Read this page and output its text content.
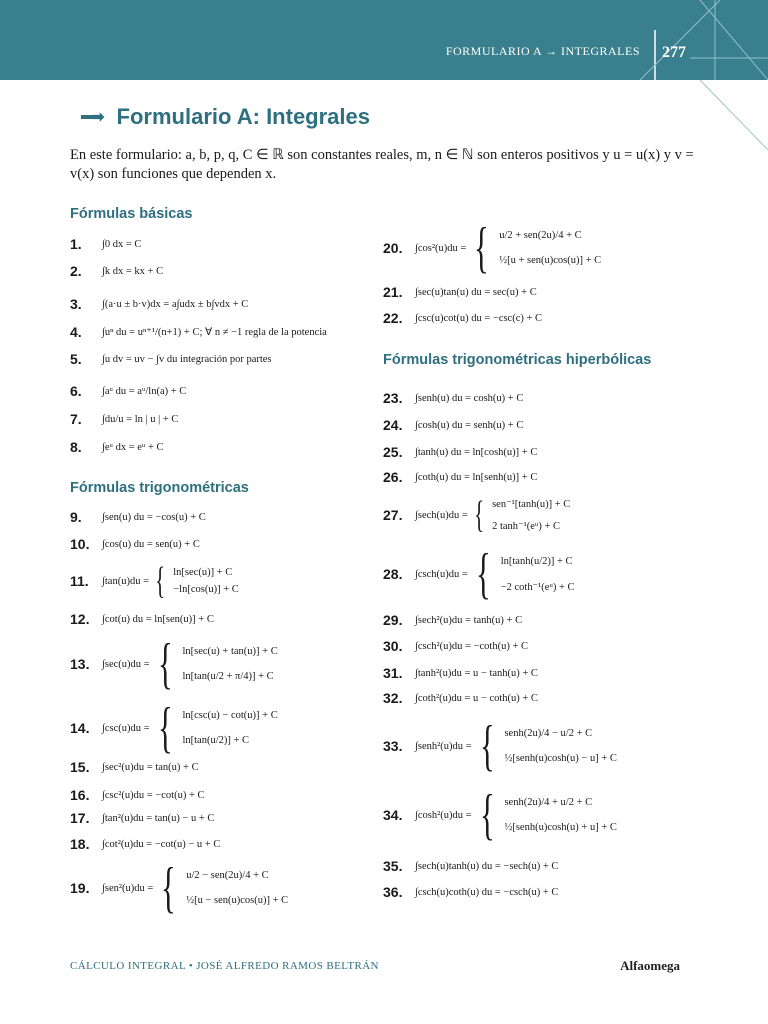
FORMULARIO A → INTEGRALES 277
▪▪▪➡ Formulario A: Integrales
En este formulario: a, b, p, q, C ∈ ℝ son constantes reales, m, n ∈ ℕ son enteros positivos y u = u(x) y v = v(x) son funciones que dependen x.
Fórmulas básicas
Fórmulas trigonométricas
Fórmulas trigonométricas hiperbólicas
1.	∫0 dx = C
2.	∫k dx = kx + C
3.	∫(a·u ± b·v)dx = a∫udx ± b∫vdx + C
4.	∫uⁿ du = uⁿ⁺¹/(n+1) + C; ∀ n ≠ −1 regla de la potencia
5.	∫u dv = uv − ∫v du integración por partes
6.	∫aᵘ du = aᵘ/ln(a) + C
7.	∫du/u = ln | u | + C
8.	∫eᵘ dx = eᵘ + C
9.	∫sen(u) du = −cos(u) + C
10.	∫cos(u) du = sen(u) + C
11.	∫tan(u)du = { ln[sec(u)] + C
−ln[cos(u)] + C
12.	∫cot(u) du = ln[sen(u)] + C
13.	∫sec(u)du = { ln[sec(u) + tan(u)] + C
ln[tan(u/2 + π/4)] + C
14.	∫csc(u)du = { ln[csc(u) − cot(u)] + C
ln[tan(u/2)] + C
15.	∫sec²(u)du = tan(u) + C
16.	∫csc²(u)du = −cot(u) + C
17.	∫tan²(u)du = tan(u) − u + C
18.	∫cot²(u)du = −cot(u) − u + C
19.	∫sen²(u)du = { u/2 − sen(2u)/4 + C
½[u − sen(u)cos(u)] + C
20.	∫cos²(u)du = { u/2 + sen(2u)/4 + C
½[u + sen(u)cos(u)] + C
21.	∫sec(u)tan(u) du = sec(u) + C
22.	∫csc(u)cot(u) du = −csc(c) + C
23.	∫senh(u) du = cosh(u) + C
24.	∫cosh(u) du = senh(u) + C
25.	∫tanh(u) du = ln[cosh(u)] + C
26.	∫coth(u) du = ln[senh(u)] + C
27.	∫sech(u)du = { sen⁻¹[tanh(u)] + C
2 tanh⁻¹(eᵘ) + C
28.	∫csch(u)du = { ln[tanh(u/2)] + C
−2 coth⁻¹(eᵘ) + C
29.	∫sech²(u)du = tanh(u) + C
30.	∫csch²(u)du = −coth(u) + C
31.	∫tanh²(u)du = u − tanh(u) + C
32.	∫coth²(u)du = u − coth(u) + C
33.	∫senh²(u)du = { senh(2u)/4 − u/2 + C
½[senh(u)cosh(u) − u] + C
34.	∫cosh²(u)du = { senh(2u)/4 + u/2 + C
½[senh(u)cosh(u) + u] + C
35.	∫sech(u)tanh(u) du = −sech(u) + C
36.	∫csch(u)coth(u) du = −csch(u) + C
CÁLCULO INTEGRAL • JOSÉ ALFREDO RAMOS BELTRÁN	Alfaomega
